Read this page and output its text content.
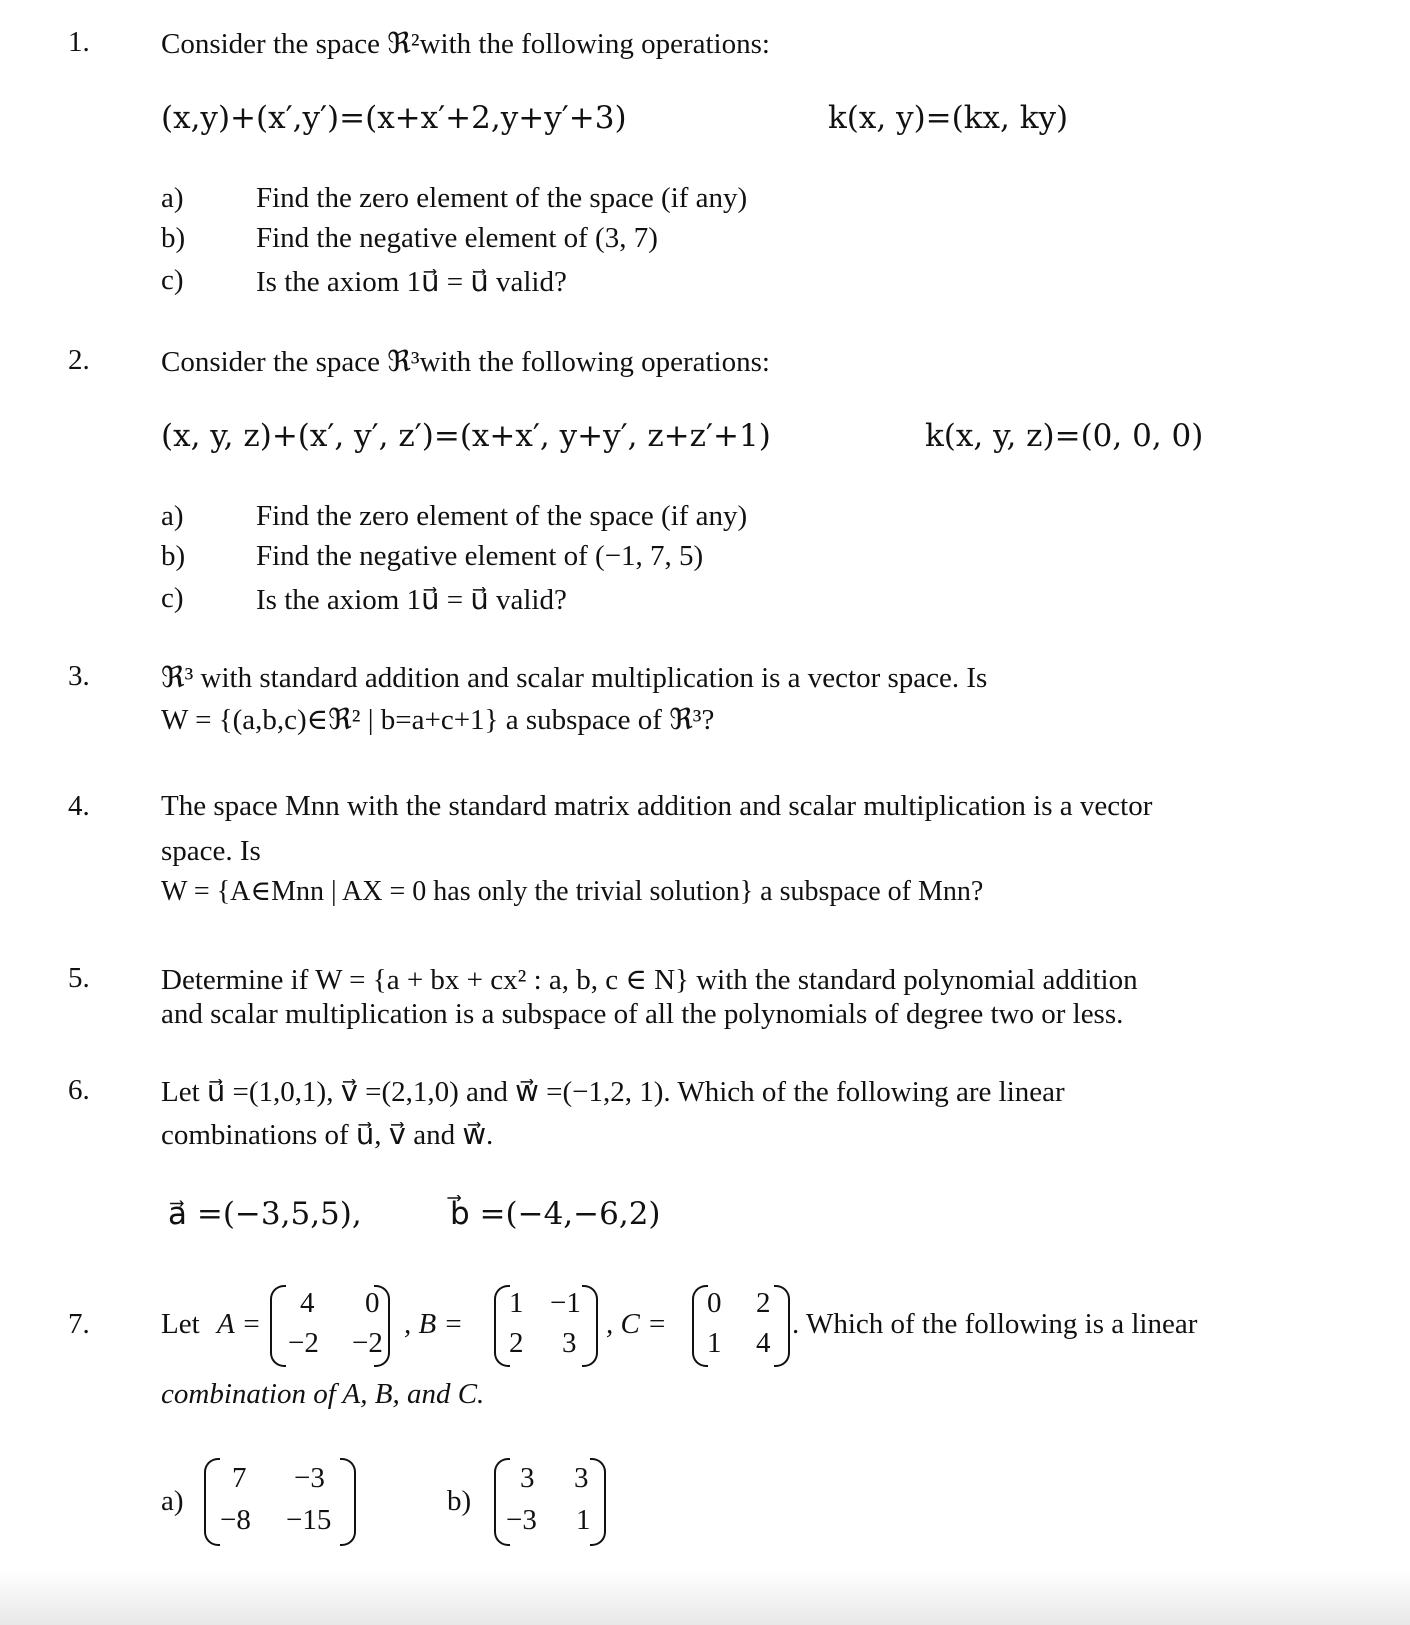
1. Consider the space ℜ²with the following operations:
(x,y)+(x′,y′)=(x+x′+2,y+y′+3)	k(x, y)=(kx, ky)
a) Find the zero element of the space (if any)
b) Find the negative element of (3, 7)
c) Is the axiom 1u⃗ = u⃗ valid?
2. Consider the space ℜ³with the following operations:
(x, y, z)+(x′, y′, z′)=(x+x′, y+y′, z+z′+1)	k(x, y, z)=(0, 0, 0)
a) Find the zero element of the space (if any)
b) Find the negative element of (−1, 7, 5)
c) Is the axiom 1u⃗ = u⃗ valid?
3. ℜ³ with standard addition and scalar multiplication is a vector space. Is
W = {(a,b,c)∈ℜ² | b=a+c+1} a subspace of ℜ³?
4. The space Mnn with the standard matrix addition and scalar multiplication is a vector
space. Is
W = {A∈Mnn | AX = 0 has only the trivial solution} a subspace of Mnn?
5. Determine if W = {a + bx + cx² : a, b, c ∈ N} with the standard polynomial addition
and scalar multiplication is a subspace of all the polynomials of degree two or less.
6. Let u⃗ =(1,0,1), v⃗ =(2,1,0) and w⃗ =(−1,2, 1). Which of the following are linear
combinations of u⃗, v⃗ and w⃗.
a⃗ =(−3,5,5),	b⃗ =(−4,−6,2)
7. Let A =
4 0
−2 −2
, B =
1 −1
2 3
, C =
0 2
1 4
. Which of the following is a linear
combination of A, B, and C.
a)
7 −3
−8 −15
b)
3 3
−3 1
